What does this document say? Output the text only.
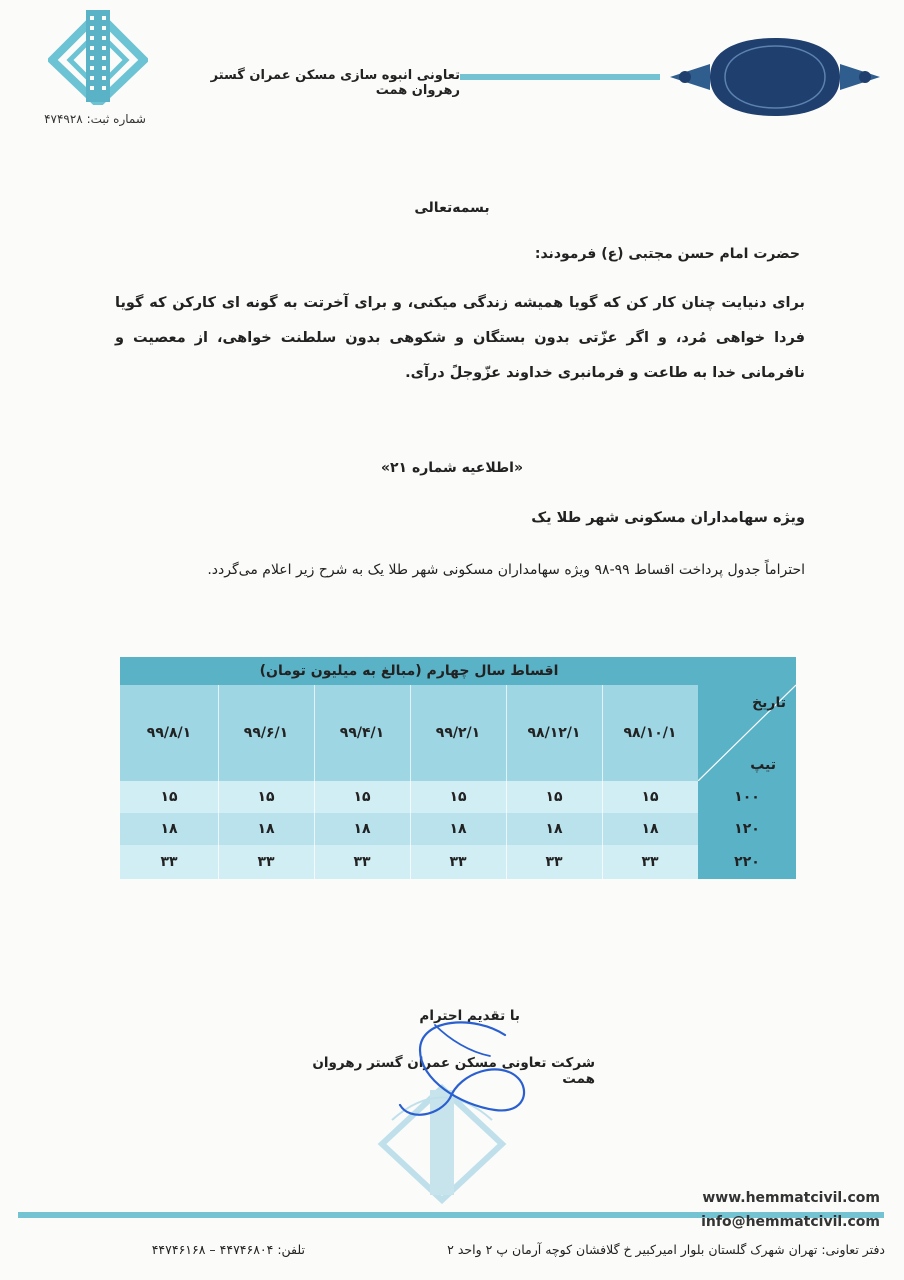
شماره ثبت: ۴۷۴۹۲۸
تعاونی انبوه سازی مسکن عمران گستر رهروان همت
بسمه‌تعالی
حضرت امام حسن مجتبی (ع) فرمودند:
برای دنیایت چنان کار کن که گویا همیشه زندگی میکنی، و برای آخرتت به گونه ای کارکن که گویا فردا خواهی مُرد، و اگر عزّتی بدون بستگان و شکوهی بدون سلطنت خواهی، از معصیت و نافرمانی خدا به طاعت و فرمانبری خداوند عزّوجلً درآی.
«اطلاعیه شماره ۲۱»
ویژه سهامداران مسکونی شهر طلا یک
احتراماً جدول پرداخت اقساط ۹۹-۹۸ ویژه سهامداران مسکونی شهر طلا یک به شرح زیر اعلام می‌گردد.
اقساط سال چهارم (مبالغ به میلیون تومان)
تاریخ
تیپ
۹۸/۱۰/۱
۹۸/۱۲/۱
۹۹/۲/۱
۹۹/۴/۱
۹۹/۶/۱
۹۹/۸/۱
۱۰۰
۱۵
۱۵
۱۵
۱۵
۱۵
۱۵
۱۲۰
۱۸
۱۸
۱۸
۱۸
۱۸
۱۸
۲۲۰
۳۳
۳۳
۳۳
۳۳
۳۳
۳۳
با تقدیم احترام
شرکت تعاونی مسکن عمران گستر رهروان همت
www.hemmatcivil.com
info@hemmatcivil.com
دفتر تعاونی: تهران شهرک گلستان بلوار امیرکبیر خ گلافشان کوچه آرمان پ ۲ واحد ۲
تلفن: ۴۴۷۴۶۸۰۴ – ۴۴۷۴۶۱۶۸
